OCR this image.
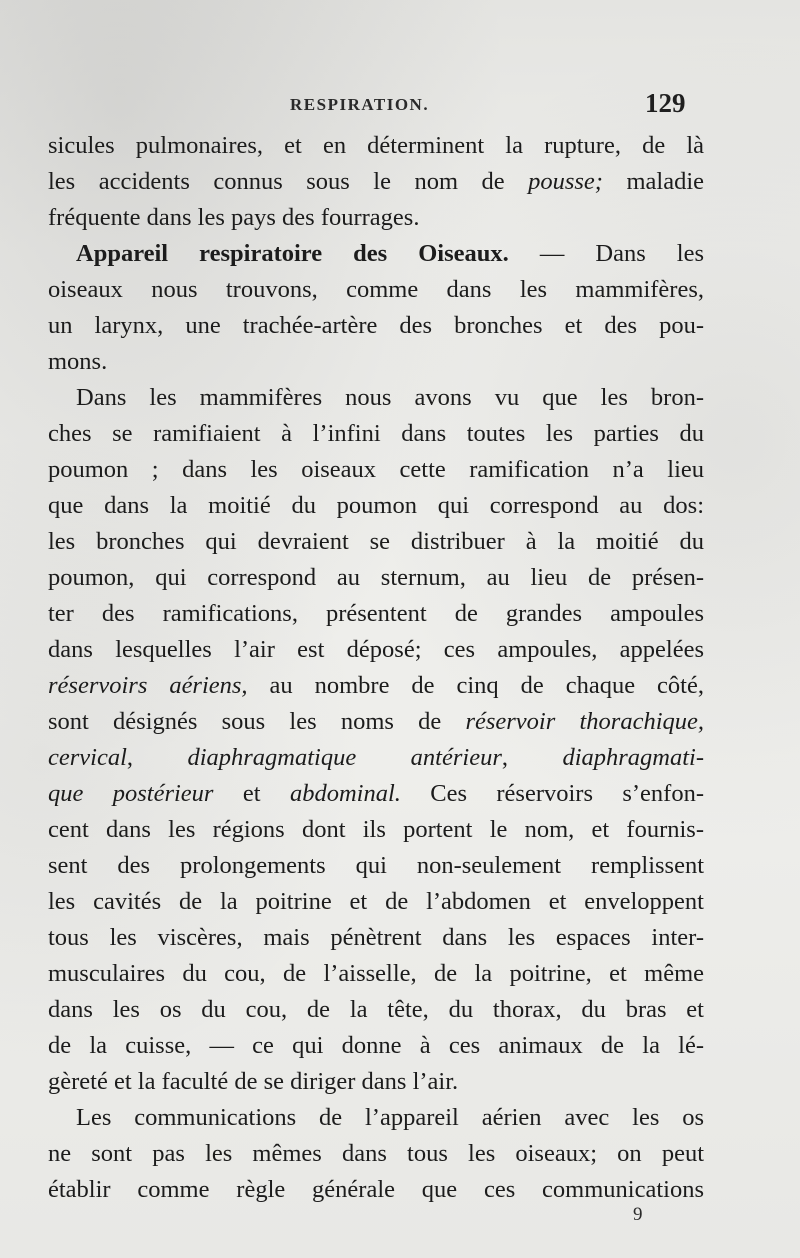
RESPIRATION.	129
sicules pulmonaires, et en déterminent la rupture, de là
les accidents connus sous le nom de pousse; maladie
fréquente dans les pays des fourrages.
Appareil respiratoire des Oiseaux. — Dans les
oiseaux nous trouvons, comme dans les mammifères,
un larynx, une trachée-artère des bronches et des pou-
mons.
Dans les mammifères nous avons vu que les bron-
ches se ramifiaient à l’infini dans toutes les parties du
poumon ; dans les oiseaux cette ramification n’a lieu
que dans la moitié du poumon qui correspond au dos:
les bronches qui devraient se distribuer à la moitié du
poumon, qui correspond au sternum, au lieu de présen-
ter des ramifications, présentent de grandes ampoules
dans lesquelles l’air est déposé; ces ampoules, appelées
réservoirs aériens, au nombre de cinq de chaque côté,
sont désignés sous les noms de réservoir thorachique,
cervical, diaphragmatique antérieur, diaphragmati-
que postérieur et abdominal. Ces réservoirs s’enfon-
cent dans les régions dont ils portent le nom, et fournis-
sent des prolongements qui non-seulement remplissent
les cavités de la poitrine et de l’abdomen et enveloppent
tous les viscères, mais pénètrent dans les espaces inter-
musculaires du cou, de l’aisselle, de la poitrine, et même
dans les os du cou, de la tête, du thorax, du bras et
de la cuisse, — ce qui donne à ces animaux de la lé-
gèreté et la faculté de se diriger dans l’air.
Les communications de l’appareil aérien avec les os
ne sont pas les mêmes dans tous les oiseaux; on peut
établir comme règle générale que ces communications
9
